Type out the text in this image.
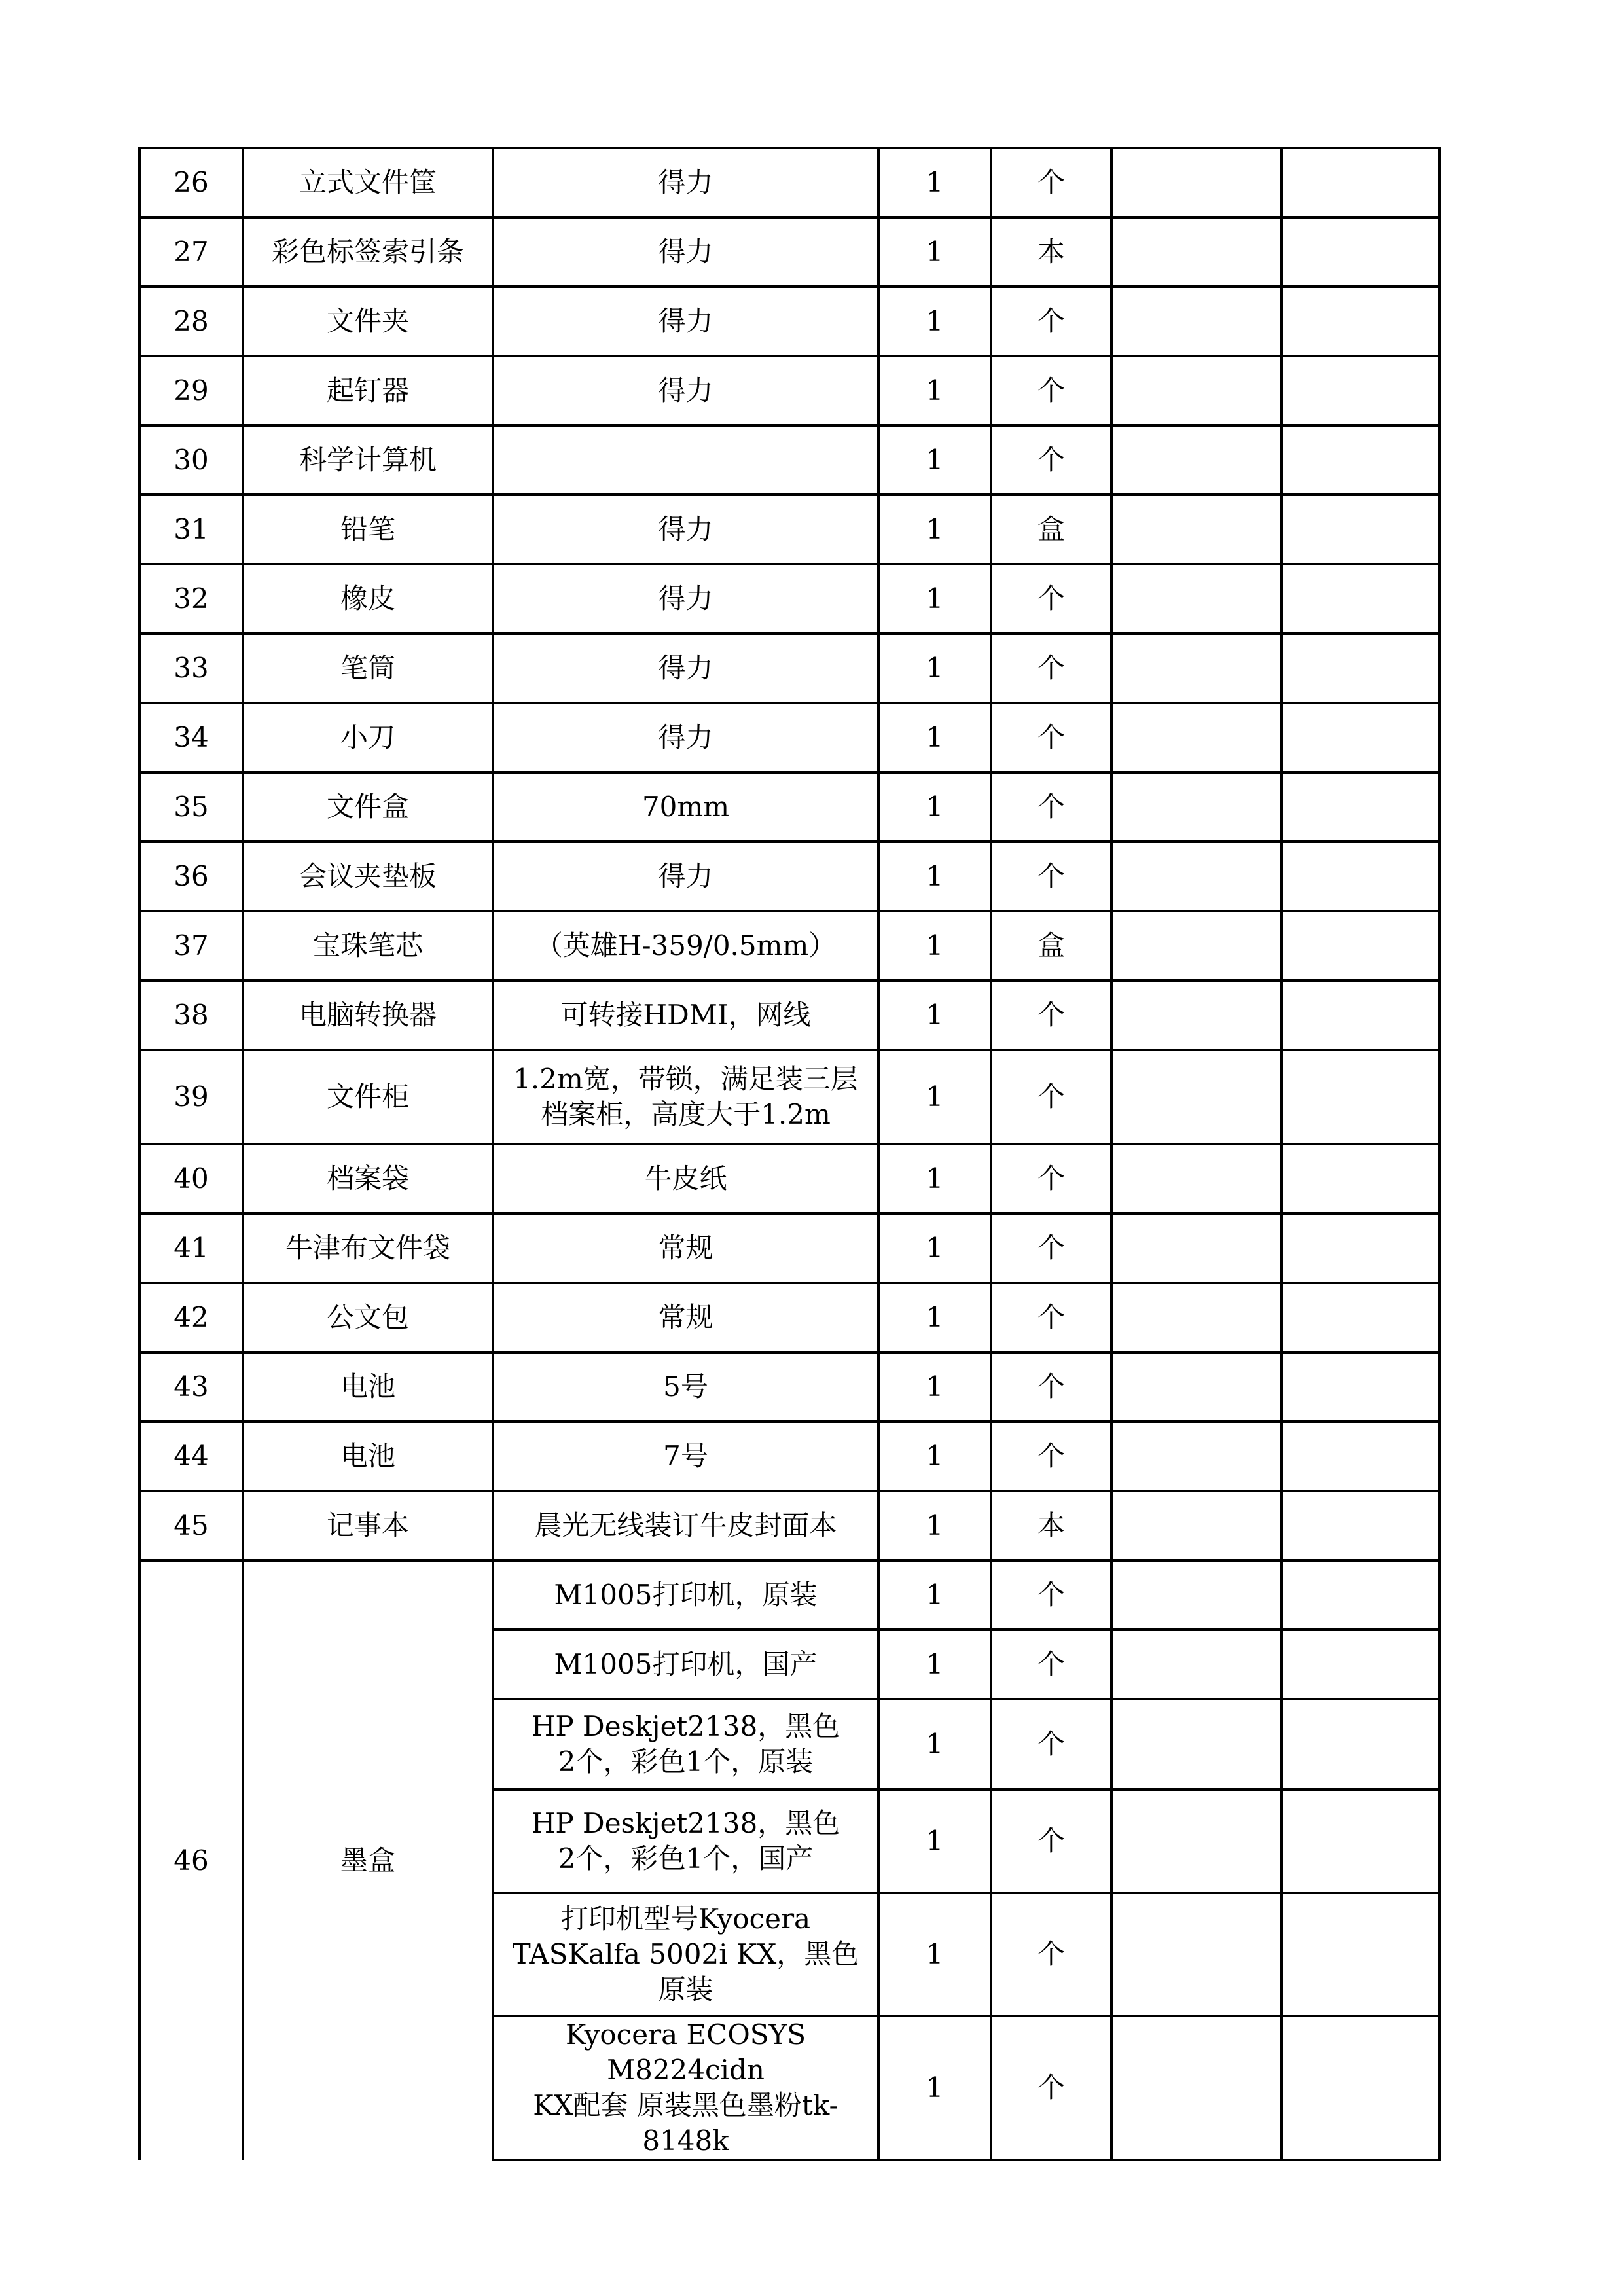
26	立式文件筐	得力	1	个		
27	彩色标签索引条	得力	1	本		
28	文件夹	得力	1	个		
29	起钉器	得力	1	个		
30	科学计算机		1	个		
31	铅笔	得力	1	盒		
32	橡皮	得力	1	个		
33	笔筒	得力	1	个		
34	小刀	得力	1	个		
35	文件盒	70mm	1	个		
36	会议夹垫板	得力	1	个		
37	宝珠笔芯	（英雄H-359/0.5mm）	1	盒		
38	电脑转换器	可转接HDMI，网线	1	个		
39	文件柜	1.2m宽，带锁，满足装三层
档案柜，高度大于1.2m	1	个		
40	档案袋	牛皮纸	1	个		
41	牛津布文件袋	常规	1	个		
42	公文包	常规	1	个		
43	电池	5号	1	个		
44	电池	7号	1	个		
45	记事本	晨光无线装订牛皮封面本	1	本		
46	墨盒	M1005打印机，原装	1	个		

		M1005打印机，国产	1	个		

		HP Deskjet2138，黑色
2个，彩色1个，原装	1	个		

		HP Deskjet2138，黑色
2个，彩色1个，国产	1	个		

		打印机型号Kyocera
TASKalfa 5002i KX，黑色
原装	1	个		

		Kyocera ECOSYS M8224cidn
KX配套 原装黑色墨粉tk-
8148k	1	个		
